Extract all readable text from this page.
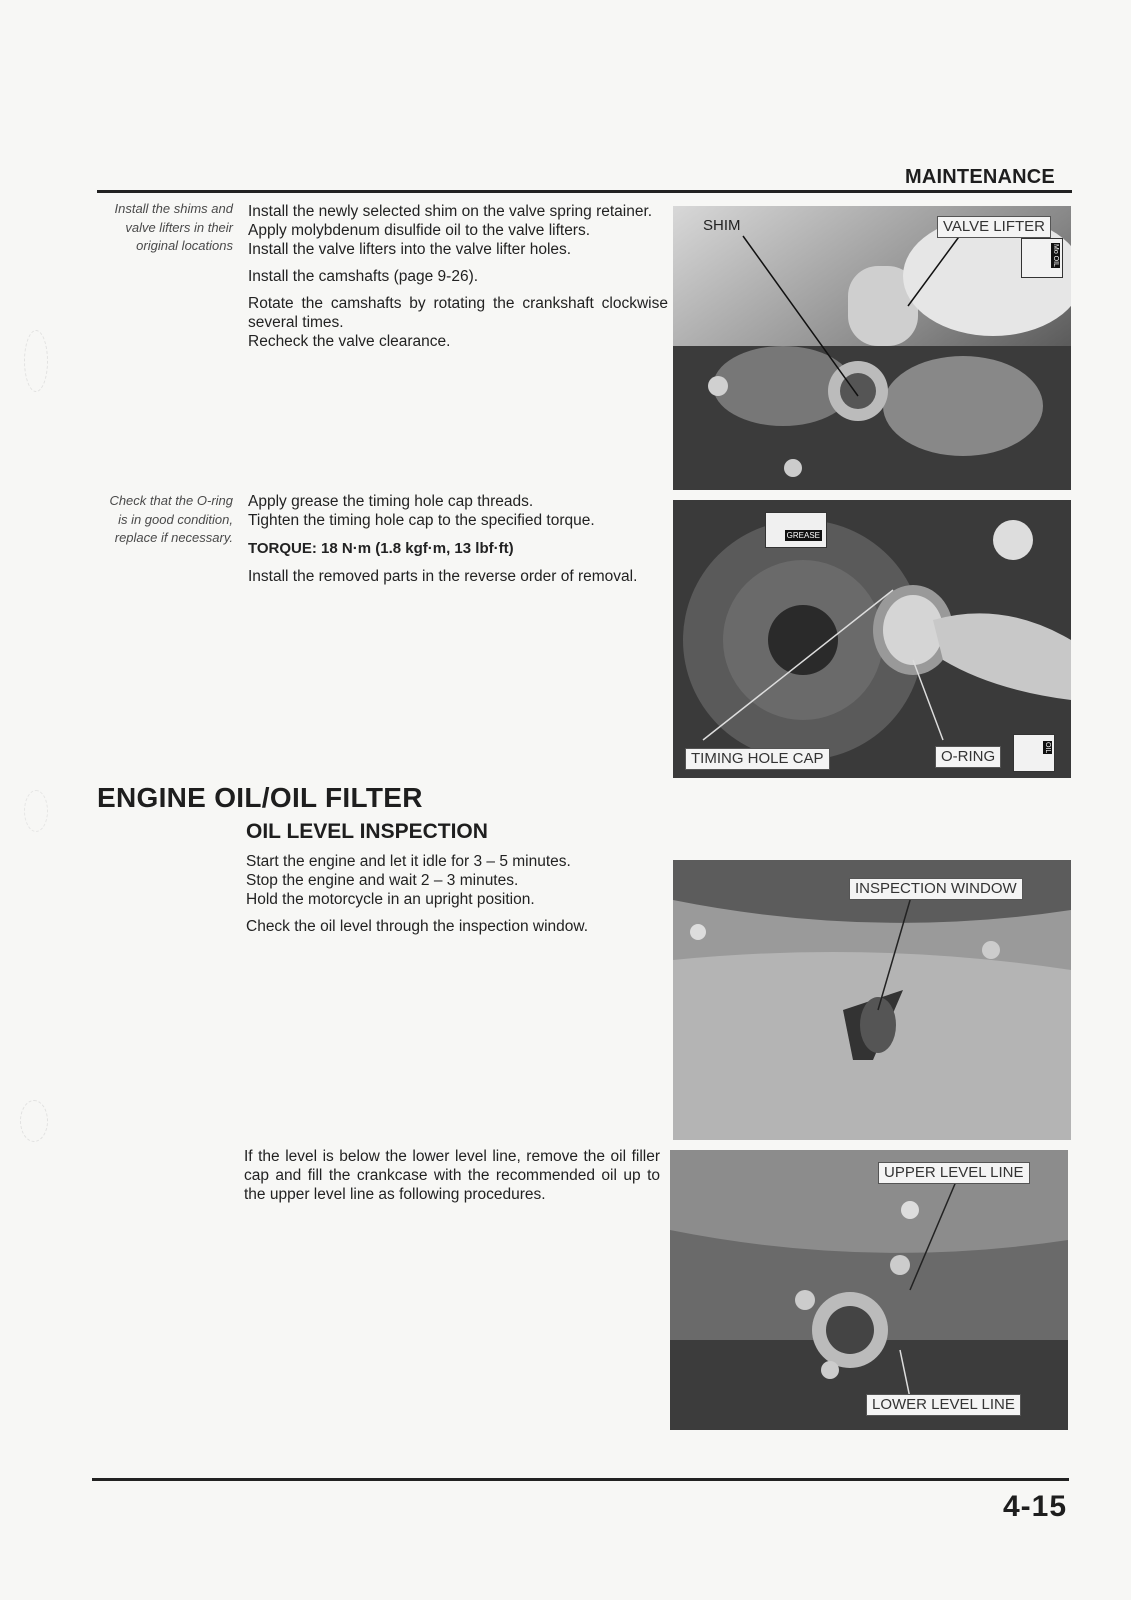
MAINTENANCE
Install the shims and valve lifters in their original locations

Install the newly selected shim on the valve spring retainer.

Apply molybdenum disulfide oil to the valve lifters.

Install the valve lifters into the valve lifter holes.

Install the camshafts (page 9-26).

Rotate the camshafts by rotating the crankshaft clockwise several times.

Recheck the valve clearance.

SHIM	VALVE LIFTER
Mo OIL
Check that the O-ring is in good condition, replace if necessary.

Apply grease the timing hole cap threads.

Tighten the timing hole cap to the specified torque.

TORQUE: 18 N·m (1.8 kgf·m, 13 lbf·ft)

Install the removed parts in the reverse order of removal.

GREASE
TIMING HOLE CAP	O-RING
OIL
ENGINE OIL/OIL FILTER
OIL LEVEL INSPECTION

Start the engine and let it idle for 3 – 5 minutes.

Stop the engine and wait 2 – 3 minutes.

Hold the motorcycle in an upright position.

Check the oil level through the inspection window.

INSPECTION WINDOW

If the level is below the lower level line, remove the oil filler cap and fill the crankcase with the recommended oil up to the upper level line as following procedures.

UPPER LEVEL LINE
LOWER LEVEL LINE
4-15
